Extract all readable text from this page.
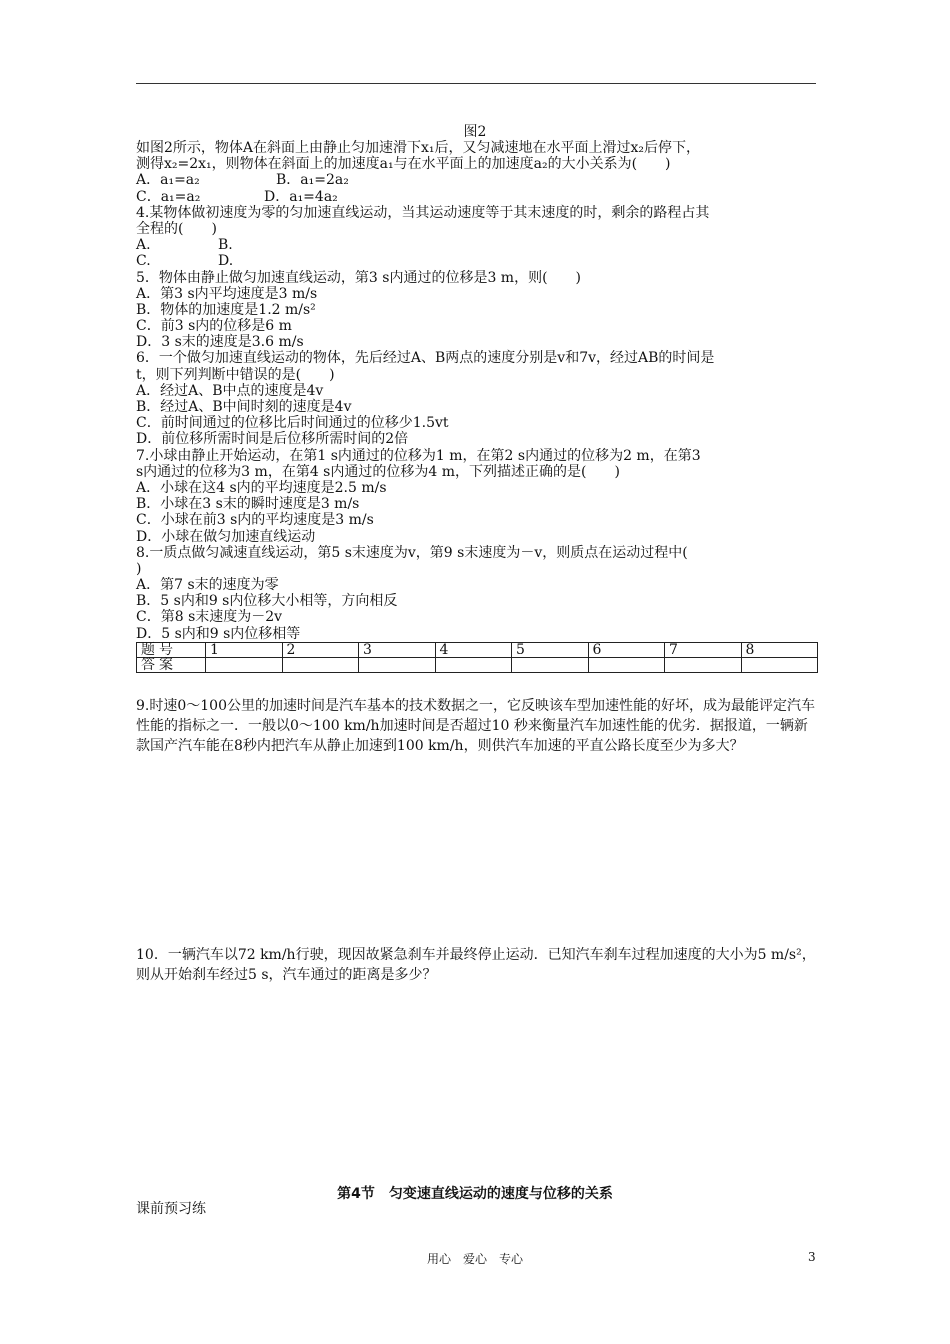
图2
如图2所示，物体A在斜面上由静止匀加速滑下x₁后，又匀减速地在水平面上滑过x₂后停下，
测得x₂=2x₁，则物体在斜面上的加速度a₁与在水平面上的加速度a₂的大小关系为(　　)
A．a₁=a₂	B．a₁=2a₂
C．a₁=a₂	D．a₁=4a₂
4.某物体做初速度为零的匀加速直线运动，当其运动速度等于其末速度的时，剩余的路程占其
全程的(　　)
A.	B.
C.	D.
5．物体由静止做匀加速直线运动，第3 s内通过的位移是3 m，则(　　)
A．第3 s内平均速度是3 m/s
B．物体的加速度是1.2 m/s²
C．前3 s内的位移是6 m
D．3 s末的速度是3.6 m/s
6．一个做匀加速直线运动的物体，先后经过A、B两点的速度分别是v和7v，经过AB的时间是
t，则下列判断中错误的是(　　)
A．经过A、B中点的速度是4v
B．经过A、B中间时刻的速度是4v
C．前时间通过的位移比后时间通过的位移少1.5vt
D．前位移所需时间是后位移所需时间的2倍
7.小球由静止开始运动，在第1 s内通过的位移为1 m，在第2 s内通过的位移为2 m，在第3
s内通过的位移为3 m，在第4 s内通过的位移为4 m，下列描述正确的是(　　)
A．小球在这4 s内的平均速度是2.5 m/s
B．小球在3 s末的瞬时速度是3 m/s
C．小球在前3 s内的平均速度是3 m/s
D．小球在做匀加速直线运动
8.一质点做匀减速直线运动，第5 s末速度为v，第9 s末速度为－v，则质点在运动过程中(
)
A．第7 s末的速度为零
B．5 s内和9 s内位移大小相等，方向相反
C．第8 s末速度为－2v
D．5 s内和9 s内位移相等
题号	1	2	3	4	5	6	7	8
答案								
9.时速0～100公里的加速时间是汽车基本的技术数据之一，它反映该车型加速性能的好坏，成为最能评定汽车性能的指标之一．一般以0～100 km/h加速时间是否超过10 秒来衡量汽车加速性能的优劣．据报道，一辆新款国产汽车能在8秒内把汽车从静止加速到100 km/h，则供汽车加速的平直公路长度至少为多大？
10．一辆汽车以72 km/h行驶，现因故紧急刹车并最终停止运动．已知汽车刹车过程加速度的大小为5 m/s²，则从开始刹车经过5 s，汽车通过的距离是多少？
第4节　匀变速直线运动的速度与位移的关系
课前预习练
用心　爱心　专心	3
